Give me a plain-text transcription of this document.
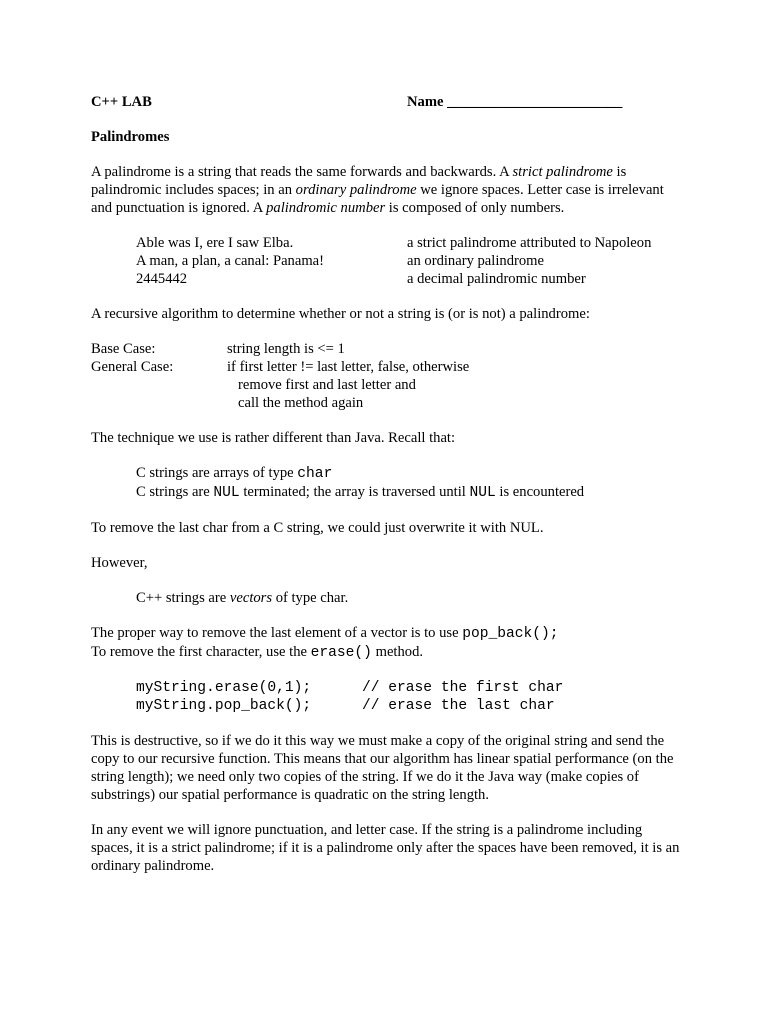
C++ LAB	Name ________________________

Palindromes

A palindrome is a string that reads the same forwards and backwards. A strict palindrome is palindromic includes spaces; in an ordinary palindrome we ignore spaces. Letter case is irrelevant and punctuation is ignored. A palindromic number is composed of only numbers.

Able was I, ere I saw Elba.	a strict palindrome attributed to Napoleon
A man, a plan, a canal: Panama!	an ordinary palindrome
2445442	a decimal palindromic number

A recursive algorithm to determine whether or not a string is (or is not) a palindrome:

Base Case:	string length is <= 1
General Case:	if first letter != last letter, false, otherwise
remove first and last letter and
call the method again

The technique we use is rather different than Java. Recall that:

C strings are arrays of type char

C strings are NUL terminated; the array is traversed until NUL is encountered

To remove the last char from a C string, we could just overwrite it with NUL.

However,

C++ strings are vectors of type char.

The proper way to remove the last element of a vector is to use pop_back();

To remove the first character, use the erase() method.

myString.erase(0,1);	// erase the first char
myString.pop_back();	// erase the last char

This is destructive, so if we do it this way we must make a copy of the original string and send the copy to our recursive function. This means that our algorithm has linear spatial performance (on the string length); we need only two copies of the string. If we do it the Java way (make copies of substrings) our spatial performance is quadratic on the string length.

In any event we will ignore punctuation, and letter case. If the string is a palindrome including spaces, it is a strict palindrome; if it is a palindrome only after the spaces have been removed, it is an ordinary palindrome.
